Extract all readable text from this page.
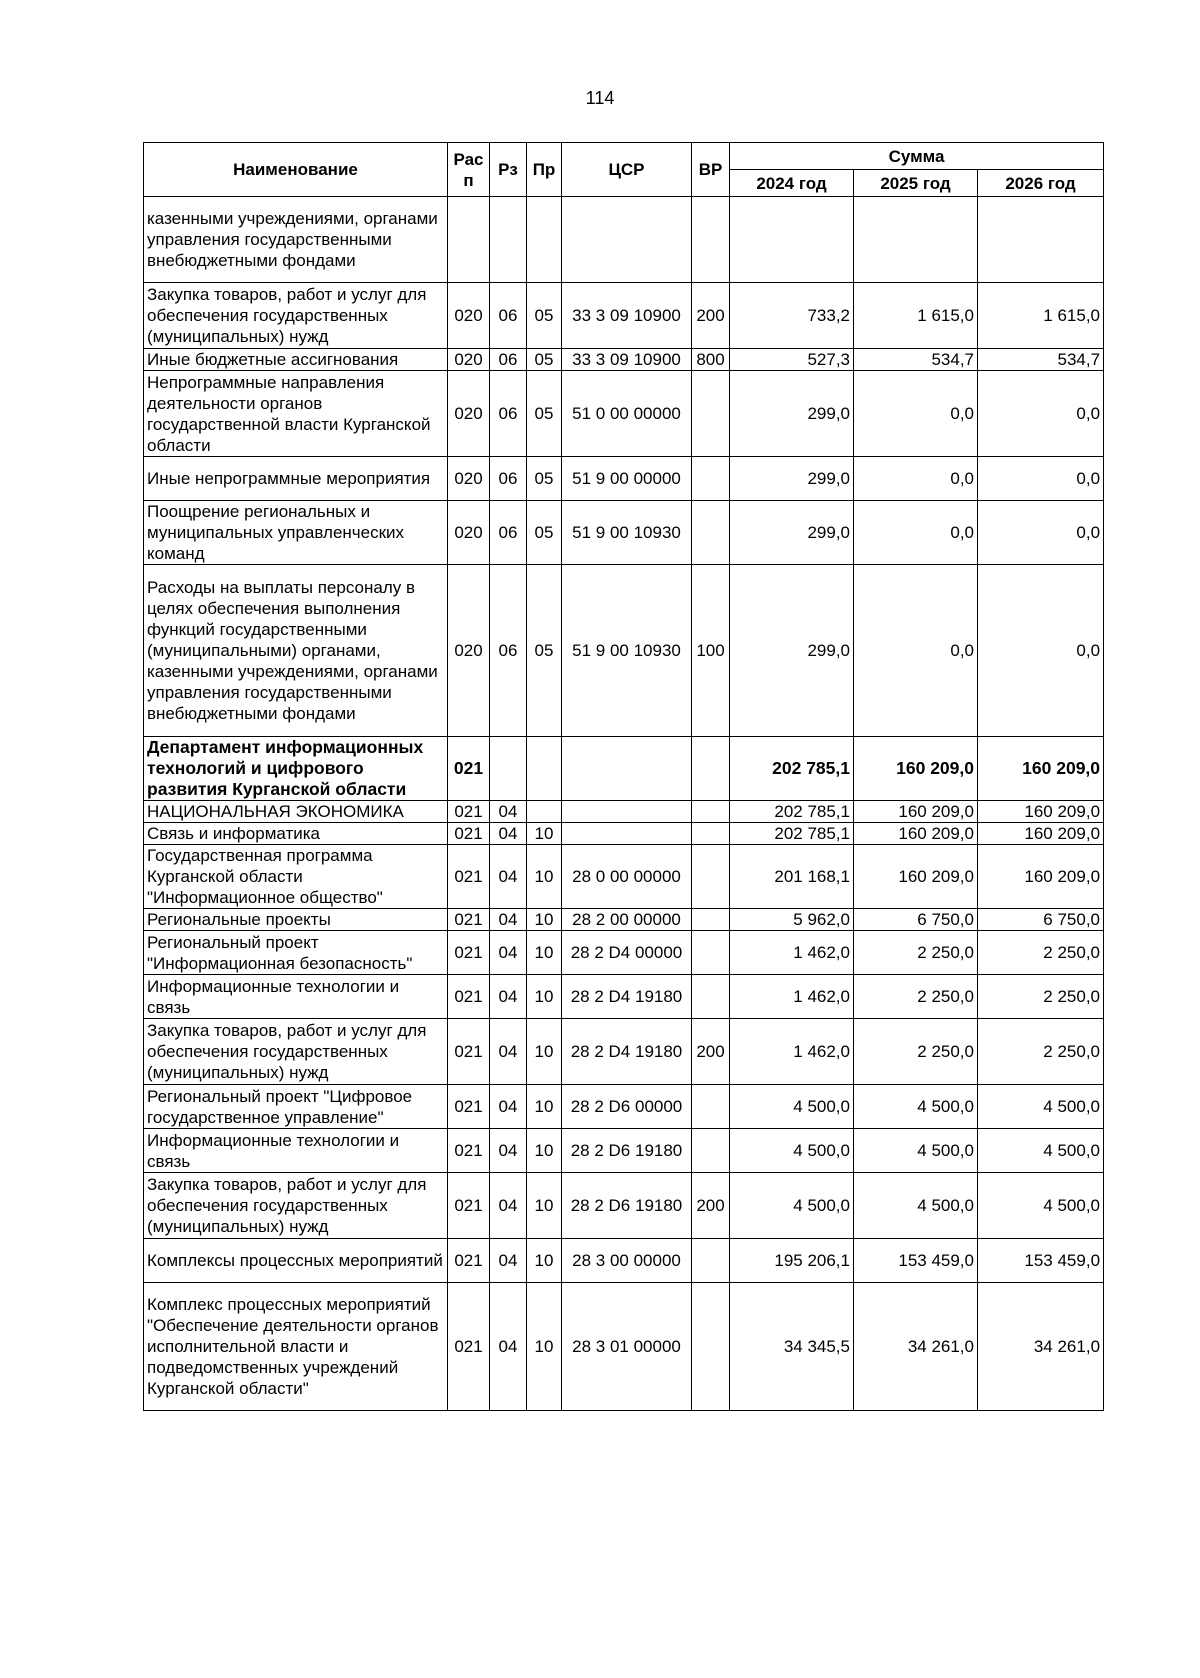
114
Наименование	Рас п	Рз	Пр	ЦСР	ВР	Сумма		
						2024 год	2025 год	2026 год
казенными учреждениями, органами управления государственными внебюджетными фондами								
Закупка товаров, работ и услуг для обеспечения государственных (муниципальных) нужд	020	06	05	33 3 09 10900	200	733,2	1 615,0	1 615,0
Иные бюджетные ассигнования	020	06	05	33 3 09 10900	800	527,3	534,7	534,7
Непрограммные направления деятельности органов государственной власти Курганской области	020	06	05	51 0 00 00000		299,0	0,0	0,0
Иные непрограммные мероприятия	020	06	05	51 9 00 00000		299,0	0,0	0,0
Поощрение региональных и муниципальных управленческих команд	020	06	05	51 9 00 10930		299,0	0,0	0,0
Расходы на выплаты персоналу в целях обеспечения выполнения функций государственными (муниципальными) органами, казенными учреждениями, органами управления государственными внебюджетными фондами	020	06	05	51 9 00 10930	100	299,0	0,0	0,0
Департамент информационных технологий и цифрового развития Курганской области	021					202 785,1	160 209,0	160 209,0
НАЦИОНАЛЬНАЯ ЭКОНОМИКА	021	04				202 785,1	160 209,0	160 209,0
Связь и информатика	021	04	10			202 785,1	160 209,0	160 209,0
Государственная программа Курганской области "Информационное общество"	021	04	10	28 0 00 00000		201 168,1	160 209,0	160 209,0
Региональные проекты	021	04	10	28 2 00 00000		5 962,0	6 750,0	6 750,0
Региональный проект "Информационная безопасность"	021	04	10	28 2 D4 00000		1 462,0	2 250,0	2 250,0
Информационные технологии и связь	021	04	10	28 2 D4 19180		1 462,0	2 250,0	2 250,0
Закупка товаров, работ и услуг для обеспечения государственных (муниципальных) нужд	021	04	10	28 2 D4 19180	200	1 462,0	2 250,0	2 250,0
Региональный проект "Цифровое государственное управление"	021	04	10	28 2 D6 00000		4 500,0	4 500,0	4 500,0
Информационные технологии и связь	021	04	10	28 2 D6 19180		4 500,0	4 500,0	4 500,0
Закупка товаров, работ и услуг для обеспечения государственных (муниципальных) нужд	021	04	10	28 2 D6 19180	200	4 500,0	4 500,0	4 500,0
Комплексы процессных мероприятий	021	04	10	28 3 00 00000		195 206,1	153 459,0	153 459,0
Комплекс процессных мероприятий "Обеспечение деятельности органов исполнительной власти и подведомственных учреждений Курганской области"	021	04	10	28 3 01 00000		34 345,5	34 261,0	34 261,0
